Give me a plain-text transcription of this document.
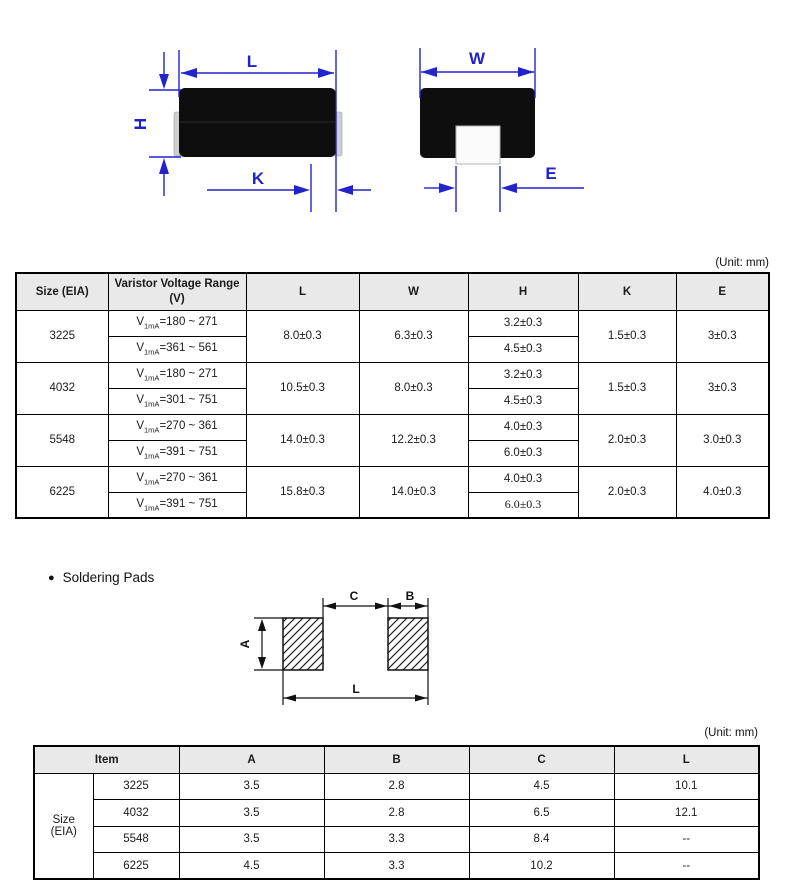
L
H
K
W
E
(Unit: mm)
Size (EIA)	Varistor Voltage Range (V)	L	W	H	K	E
3225	$V_{1mA}=180$ ~ 271	8.0±0.3	6.3±0.3	3.2±0.3	1.5±0.3	3±0.3
	$V_{1mA}=361$ ~ 561			4.5±0.3		
4032	$V_{1mA}=180$ ~ 271	10.5±0.3	8.0±0.3	3.2±0.3	1.5±0.3	3±0.3
	$V_{1mA}=301$ ~ 751			4.5±0.3		
5548	$V_{1mA}=270$ ~ 361	14.0±0.3	12.2±0.3	4.0±0.3	2.0±0.3	3.0±0.3
	$V_{1mA}=391$ ~ 751			6.0±0.3		
6225	$V_{1mA}=270$ ~ 361	15.8±0.3	14.0±0.3	4.0±0.3	2.0±0.3	4.0±0.3
	$V_{1mA}=391$ ~ 751			6.0±0.3		
● Soldering Pads
A
C	B
L
(Unit: mm)
Item		A	B	C	L

Size
(EIA)	3225	3.5	2.8	4.5	10.1
	4032	3.5	2.8	6.5	12.1
	5548	3.5	3.3	8.4	--
	6225	4.5	3.3	10.2	--
